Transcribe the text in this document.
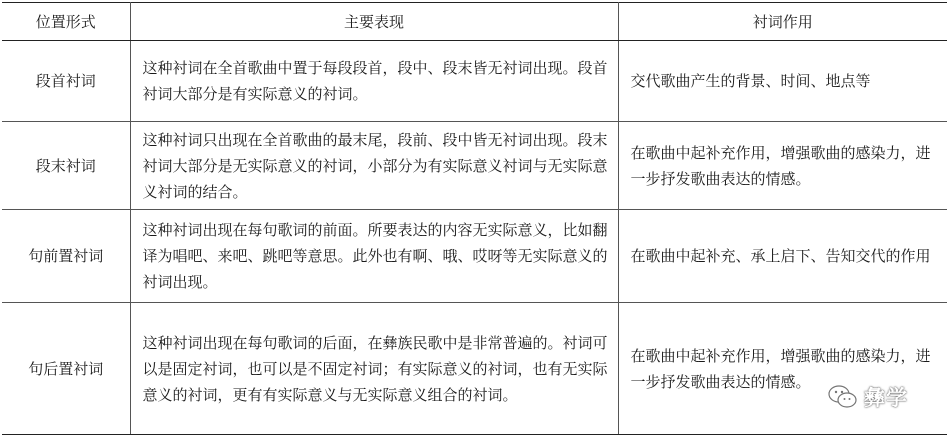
位置形式	主要表现	衬词作用
段首衬词	这种衬词在全首歌曲中置于每段段首，段中、段末皆无衬词出现。段首衬词大部分是有实际意义的衬词。	交代歌曲产生的背景、时间、地点等
段末衬词	这种衬词只出现在全首歌曲的最末尾，段前、段中皆无衬词出现。段末衬词大部分是无实际意义的衬词，小部分为有实际意义衬词与无实际意义衬词的结合。	在歌曲中起补充作用，增强歌曲的感染力，进一步抒发歌曲表达的情感。
句前置衬词	这种衬词出现在每句歌词的前面。所要表达的内容无实际意义，比如翻译为唱吧、来吧、跳吧等意思。此外也有啊、哦、哎呀等无实际意义的衬词出现。	在歌曲中起补充、承上启下、告知交代的作用
句后置衬词	这种衬词出现在每句歌词的后面，在彝族民歌中是非常普遍的。衬词可以是固定衬词，也可以是不固定衬词；有实际意义的衬词，也有无实际意义的衬词，更有有实际意义与无实际意义组合的衬词。	在歌曲中起补充作用，增强歌曲的感染力，进一步抒发歌曲表达的情感。
彝学
